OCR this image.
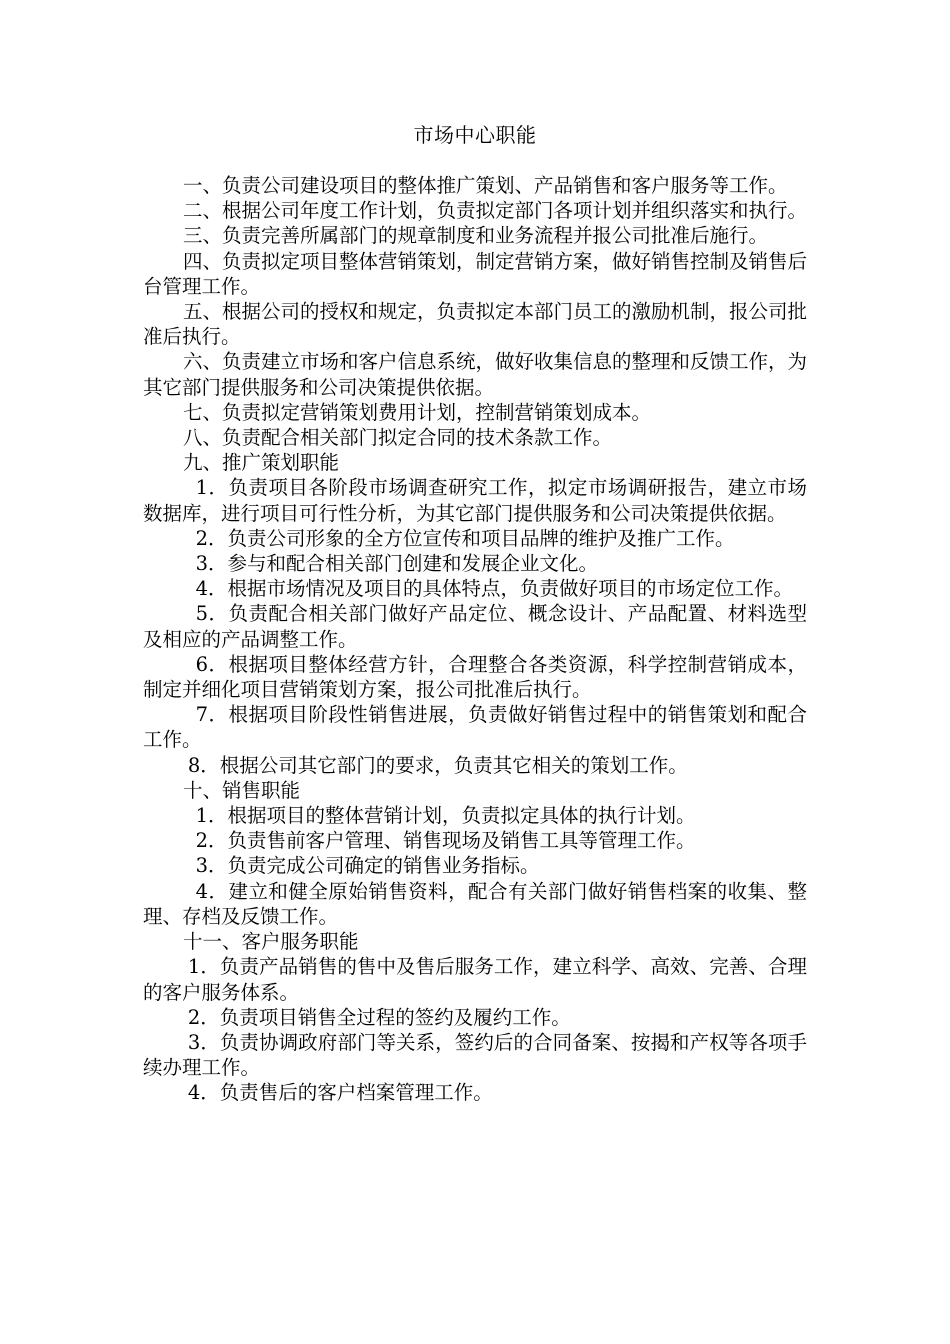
市场中心职能

一、负责公司建设项目的整体推广策划、产品销售和客户服务等工作。

二、根据公司年度工作计划，负责拟定部门各项计划并组织落实和执行。

三、负责完善所属部门的规章制度和业务流程并报公司批准后施行。

四、负责拟定项目整体营销策划，制定营销方案，做好销售控制及销售后台管理工作。

五、根据公司的授权和规定，负责拟定本部门员工的激励机制，报公司批准后执行。

六、负责建立市场和客户信息系统，做好收集信息的整理和反馈工作，为其它部门提供服务和公司决策提供依据。

七、负责拟定营销策划费用计划，控制营销策划成本。

八、负责配合相关部门拟定合同的技术条款工作。

九、推广策划职能

1．负责项目各阶段市场调查研究工作，拟定市场调研报告，建立市场数据库，进行项目可行性分析，为其它部门提供服务和公司决策提供依据。

2．负责公司形象的全方位宣传和项目品牌的维护及推广工作。

3．参与和配合相关部门创建和发展企业文化。

4．根据市场情况及项目的具体特点，负责做好项目的市场定位工作。

5．负责配合相关部门做好产品定位、概念设计、产品配置、材料选型及相应的产品调整工作。

6．根据项目整体经营方针，合理整合各类资源，科学控制营销成本，制定并细化项目营销策划方案，报公司批准后执行。

7．根据项目阶段性销售进展，负责做好销售过程中的销售策划和配合工作。

8．根据公司其它部门的要求，负责其它相关的策划工作。

十、销售职能

1．根据项目的整体营销计划，负责拟定具体的执行计划。

2．负责售前客户管理、销售现场及销售工具等管理工作。

3．负责完成公司确定的销售业务指标。

4．建立和健全原始销售资料，配合有关部门做好销售档案的收集、整理、存档及反馈工作。

十一、客户服务职能

1．负责产品销售的售中及售后服务工作，建立科学、高效、完善、合理的客户服务体系。

2．负责项目销售全过程的签约及履约工作。

3．负责协调政府部门等关系，签约后的合同备案、按揭和产权等各项手续办理工作。

4．负责售后的客户档案管理工作。
